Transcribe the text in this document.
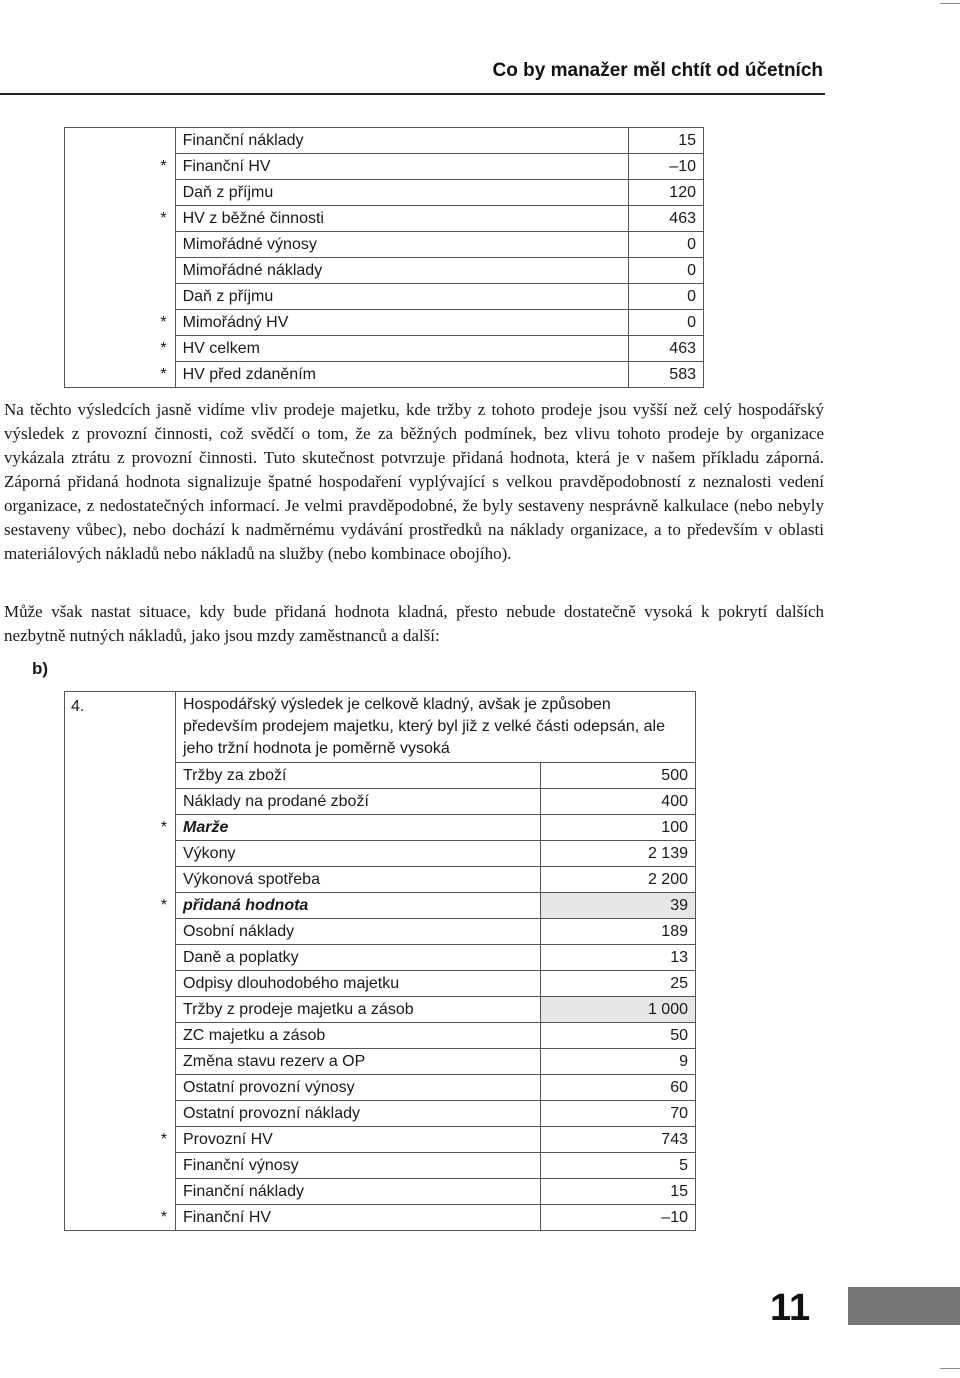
Co by manažer měl chtít od účetních
	Finanční náklady	15
*	Finanční HV	–10
	Daň z příjmu	120
*	HV z běžné činnosti	463
	Mimořádné výnosy	0
	Mimořádné náklady	0
	Daň z příjmu	0
*	Mimořádný HV	0
*	HV celkem	463
*	HV před zdaněním	583

Na těchto výsledcích jasně vidíme vliv prodeje majetku, kde tržby z tohoto prodeje jsou vyšší než celý hospodářský výsledek z provozní činnosti, což svědčí o tom, že za běžných podmínek, bez vlivu tohoto prodeje by organizace vykázala ztrátu z provozní činnosti. Tuto skutečnost potvrzuje přidaná hodnota, která je v našem příkladu záporná. Záporná přidaná hodnota signalizuje špatné hospodaření vyplývající s velkou pravděpodobností z neznalosti vedení organizace, z nedostatečných informací. Je velmi pravděpodobné, že byly sestaveny nesprávně kalkulace (nebo nebyly sestaveny vůbec), nebo dochází k nadměrnému vydávání prostředků na náklady organizace, a to především v oblasti materiálových nákladů nebo nákladů na služby (nebo kombinace obojího).

Může však nastat situace, kdy bude přidaná hodnota kladná, přesto nebude dostatečně vysoká k pokrytí dalších nezbytně nutných nákladů, jako jsou mzdy zaměstnanců a další:

b)
4.	Hospodářský výsledek je celkově kladný, avšak je způsoben především prodejem majetku, který byl již z velké části odepsán, ale jeho tržní hodnota je poměrně vysoká	
	Tržby za zboží	500
	Náklady na prodané zboží	400
*	Marže	100
	Výkony	2 139
	Výkonová spotřeba	2 200
*	přidaná hodnota	39
	Osobní náklady	189
	Daně a poplatky	13
	Odpisy dlouhodobého majetku	25
	Tržby z prodeje majetku a zásob	1 000
	ZC majetku a zásob	50
	Změna stavu rezerv a OP	9
	Ostatní provozní výnosy	60
	Ostatní provozní náklady	70
*	Provozní HV	743
	Finanční výnosy	5
	Finanční náklady	15
*	Finanční HV	–10
11
